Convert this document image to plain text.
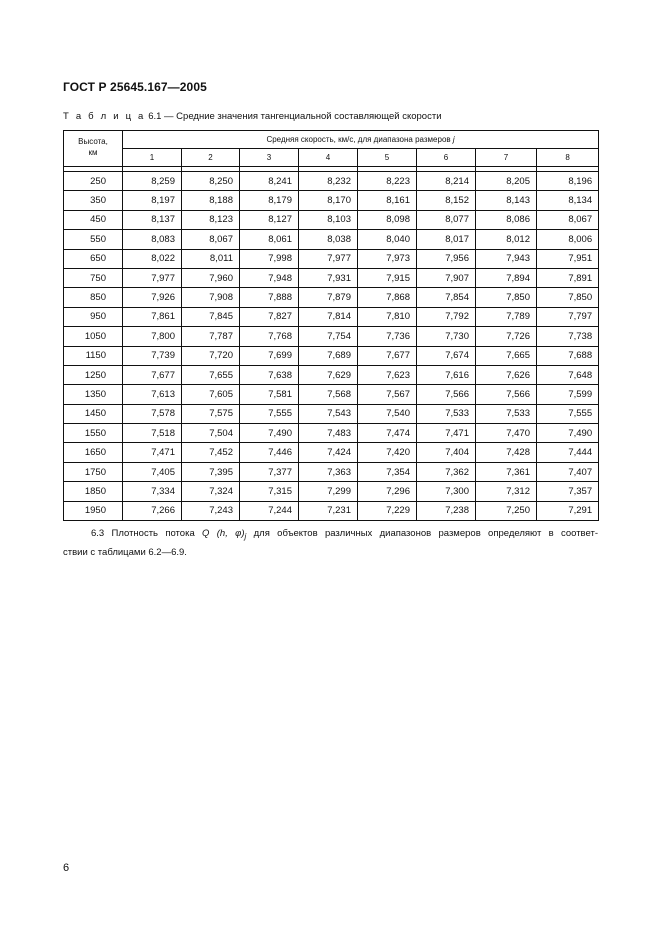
ГОСТ Р 25645.167—2005
Т а б л и ц а 6.1 — Средние значения тангенциальной составляющей скорости
Высота,
км	Средняя скорость, км/с, для диапазона размеров j							
	1	2	3	4	5	6	7	8

250	8,259	8,250	8,241	8,232	8,223	8,214	8,205	8,196
350	8,197	8,188	8,179	8,170	8,161	8,152	8,143	8,134
450	8,137	8,123	8,127	8,103	8,098	8,077	8,086	8,067
550	8,083	8,067	8,061	8,038	8,040	8,017	8,012	8,006
650	8,022	8,011	7,998	7,977	7,973	7,956	7,943	7,951
750	7,977	7,960	7,948	7,931	7,915	7,907	7,894	7,891
850	7,926	7,908	7,888	7,879	7,868	7,854	7,850	7,850
950	7,861	7,845	7,827	7,814	7,810	7,792	7,789	7,797
1050	7,800	7,787	7,768	7,754	7,736	7,730	7,726	7,738
1150	7,739	7,720	7,699	7,689	7,677	7,674	7,665	7,688
1250	7,677	7,655	7,638	7,629	7,623	7,616	7,626	7,648
1350	7,613	7,605	7,581	7,568	7,567	7,566	7,566	7,599
1450	7,578	7,575	7,555	7,543	7,540	7,533	7,533	7,555
1550	7,518	7,504	7,490	7,483	7,474	7,471	7,470	7,490
1650	7,471	7,452	7,446	7,424	7,420	7,404	7,428	7,444
1750	7,405	7,395	7,377	7,363	7,354	7,362	7,361	7,407
1850	7,334	7,324	7,315	7,299	7,296	7,300	7,312	7,357
1950	7,266	7,243	7,244	7,231	7,229	7,238	7,250	7,291
6.3 Плотность потока Q (h, $\varphi)_j$ для объектов различных диапазонов размеров определяют в соответ-
ствии с таблицами 6.2—6.9.
6
